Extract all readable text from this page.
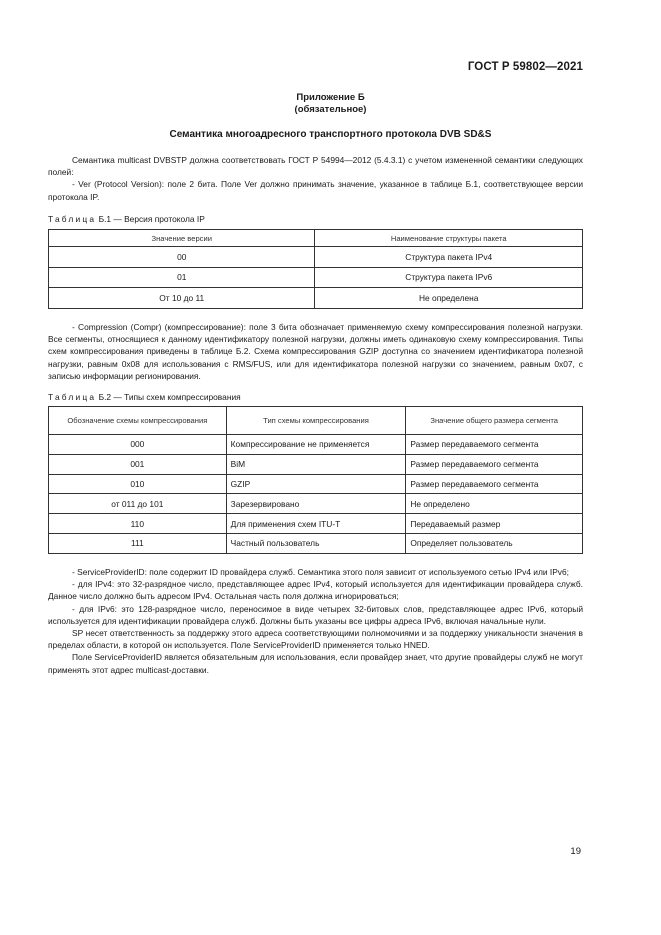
ГОСТ Р 59802—2021
Приложение Б
(обязательное)
Семантика многоадресного транспортного протокола DVB SD&S

Семантика multicast DVBSTP должна соответствовать ГОСТ Р 54994—2012 (5.4.3.1) с учетом измененной семантики следующих полей:

- Ver (Protocol Version): поле 2 бита. Поле Ver должно принимать значение, указанное в таблице Б.1, соответствующее версии протокола IP.

Таблица Б.1 — Версия протокола IP
Значение версии	Наименование структуры пакета
00	Структура пакета IPv4
01	Структура пакета IPv6
От 10 до 11	Не определена

- Compression (Compr) (компрессирование): поле 3 бита обозначает применяемую схему компрессирования полезной нагрузки. Все сегменты, относящиеся к данному идентификатору полезной нагрузки, должны иметь одинаковую схему компрессирования. Типы схем компрессирования приведены в таблице Б.2. Схема компрессирования GZIP доступна со значением идентификатора полезной нагрузки, равным 0x08 для использования с RMS/FUS, или для идентификатора полезной нагрузки со значением, равным 0x07, с записью информации регионирования.

Таблица Б.2 — Типы схем компрессирования
Обозначение схемы компрессирования	Тип схемы компрессирования	Значение общего размера сегмента
000	Компрессирование не применяется	Размер передаваемого сегмента
001	BiM	Размер передаваемого сегмента
010	GZIP	Размер передаваемого сегмента
от 011 до 101	Зарезервировано	Не определено
110	Для применения схем ITU-T	Передаваемый размер
111	Частный пользователь	Определяет пользователь

- ServiceProviderID: поле содержит ID провайдера служб. Семантика этого поля зависит от используемого сетью IPv4 или IPv6;

- для IPv4: это 32-разрядное число, представляющее адрес IPv4, который используется для идентификации провайдера служб. Данное число должно быть адресом IPv4. Остальная часть поля должна игнорироваться;

- для IPv6: это 128-разрядное число, переносимое в виде четырех 32-битовых слов, представляющее адрес IPv6, который используется для идентификации провайдера служб. Должны быть указаны все цифры адреса IPv6, включая начальные нули.

SP несет ответственность за поддержку этого адреса соответствующими полномочиями и за поддержку уникальности значения в пределах области, в которой он используется. Поле ServiceProviderID применяется только HNED.

Поле ServiceProviderID является обязательным для использования, если провайдер знает, что другие провайдеры служб не могут применять этот адрес multicast-доставки.

19
